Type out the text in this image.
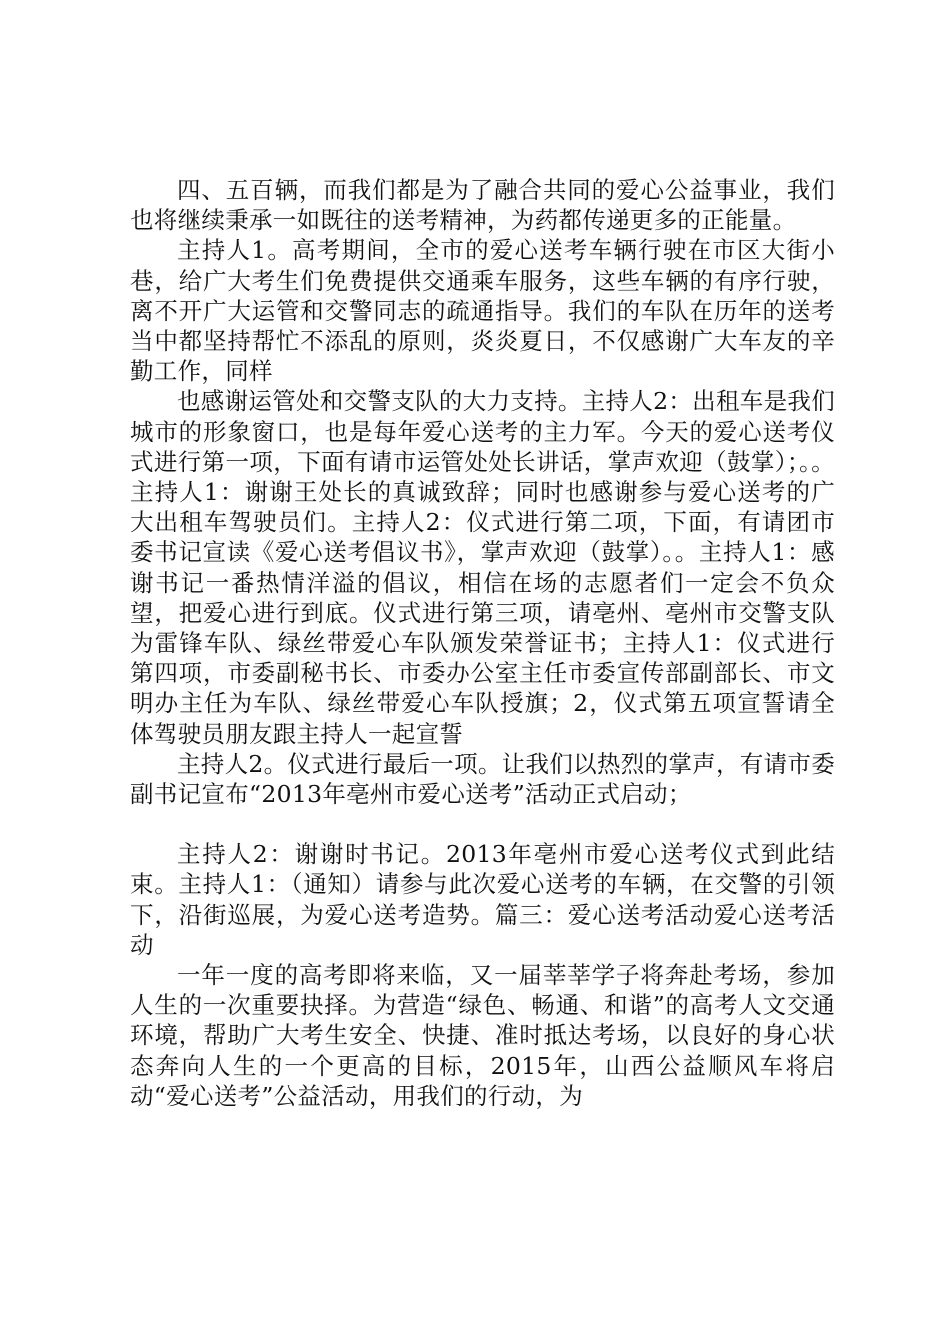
四、五百辆，而我们都是为了融合共同的爱心公益事业，我们也将继续秉承一如既往的送考精神，为药都传递更多的正能量。

主持人1。高考期间，全市的爱心送考车辆行驶在市区大街小巷，给广大考生们免费提供交通乘车服务，这些车辆的有序行驶，离不开广大运管和交警同志的疏通指导。我们的车队在历年的送考当中都坚持帮忙不添乱的原则，炎炎夏日，不仅感谢广大车友的辛勤工作，同样

也感谢运管处和交警支队的大力支持。主持人2：出租车是我们城市的形象窗口，也是每年爱心送考的主力军。今天的爱心送考仪式进行第一项，下面有请市运管处处长讲话，掌声欢迎（鼓掌）；。。主持人1：谢谢王处长的真诚致辞；同时也感谢参与爱心送考的广大出租车驾驶员们。主持人2：仪式进行第二项，下面，有请团市委书记宣读《爱心送考倡议书》，掌声欢迎（鼓掌）。。主持人1：感谢书记一番热情洋溢的倡议，相信在场的志愿者们一定会不负众望，把爱心进行到底。仪式进行第三项，请亳州、亳州市交警支队为雷锋车队、绿丝带爱心车队颁发荣誉证书；主持人1：仪式进行第四项，市委副秘书长、市委办公室主任市委宣传部副部长、市文明办主任为车队、绿丝带爱心车队授旗；2，仪式第五项宣誓请全体驾驶员朋友跟主持人一起宣誓

主持人2。仪式进行最后一项。让我们以热烈的掌声，有请市委副书记宣布“2013年亳州市爱心送考”活动正式启动；

主持人2：谢谢时书记。2013年亳州市爱心送考仪式到此结束。主持人1：（通知）请参与此次爱心送考的车辆，在交警的引领下，沿街巡展，为爱心送考造势。篇三：爱心送考活动爱心送考活动

一年一度的高考即将来临，又一届莘莘学子将奔赴考场，参加人生的一次重要抉择。为营造“绿色、畅通、和谐”的高考人文交通环境，帮助广大考生安全、快捷、准时抵达考场，以良好的身心状态奔向人生的一个更高的目标，2015年，山西公益顺风车将启动“爱心送考”公益活动，用我们的行动，为
